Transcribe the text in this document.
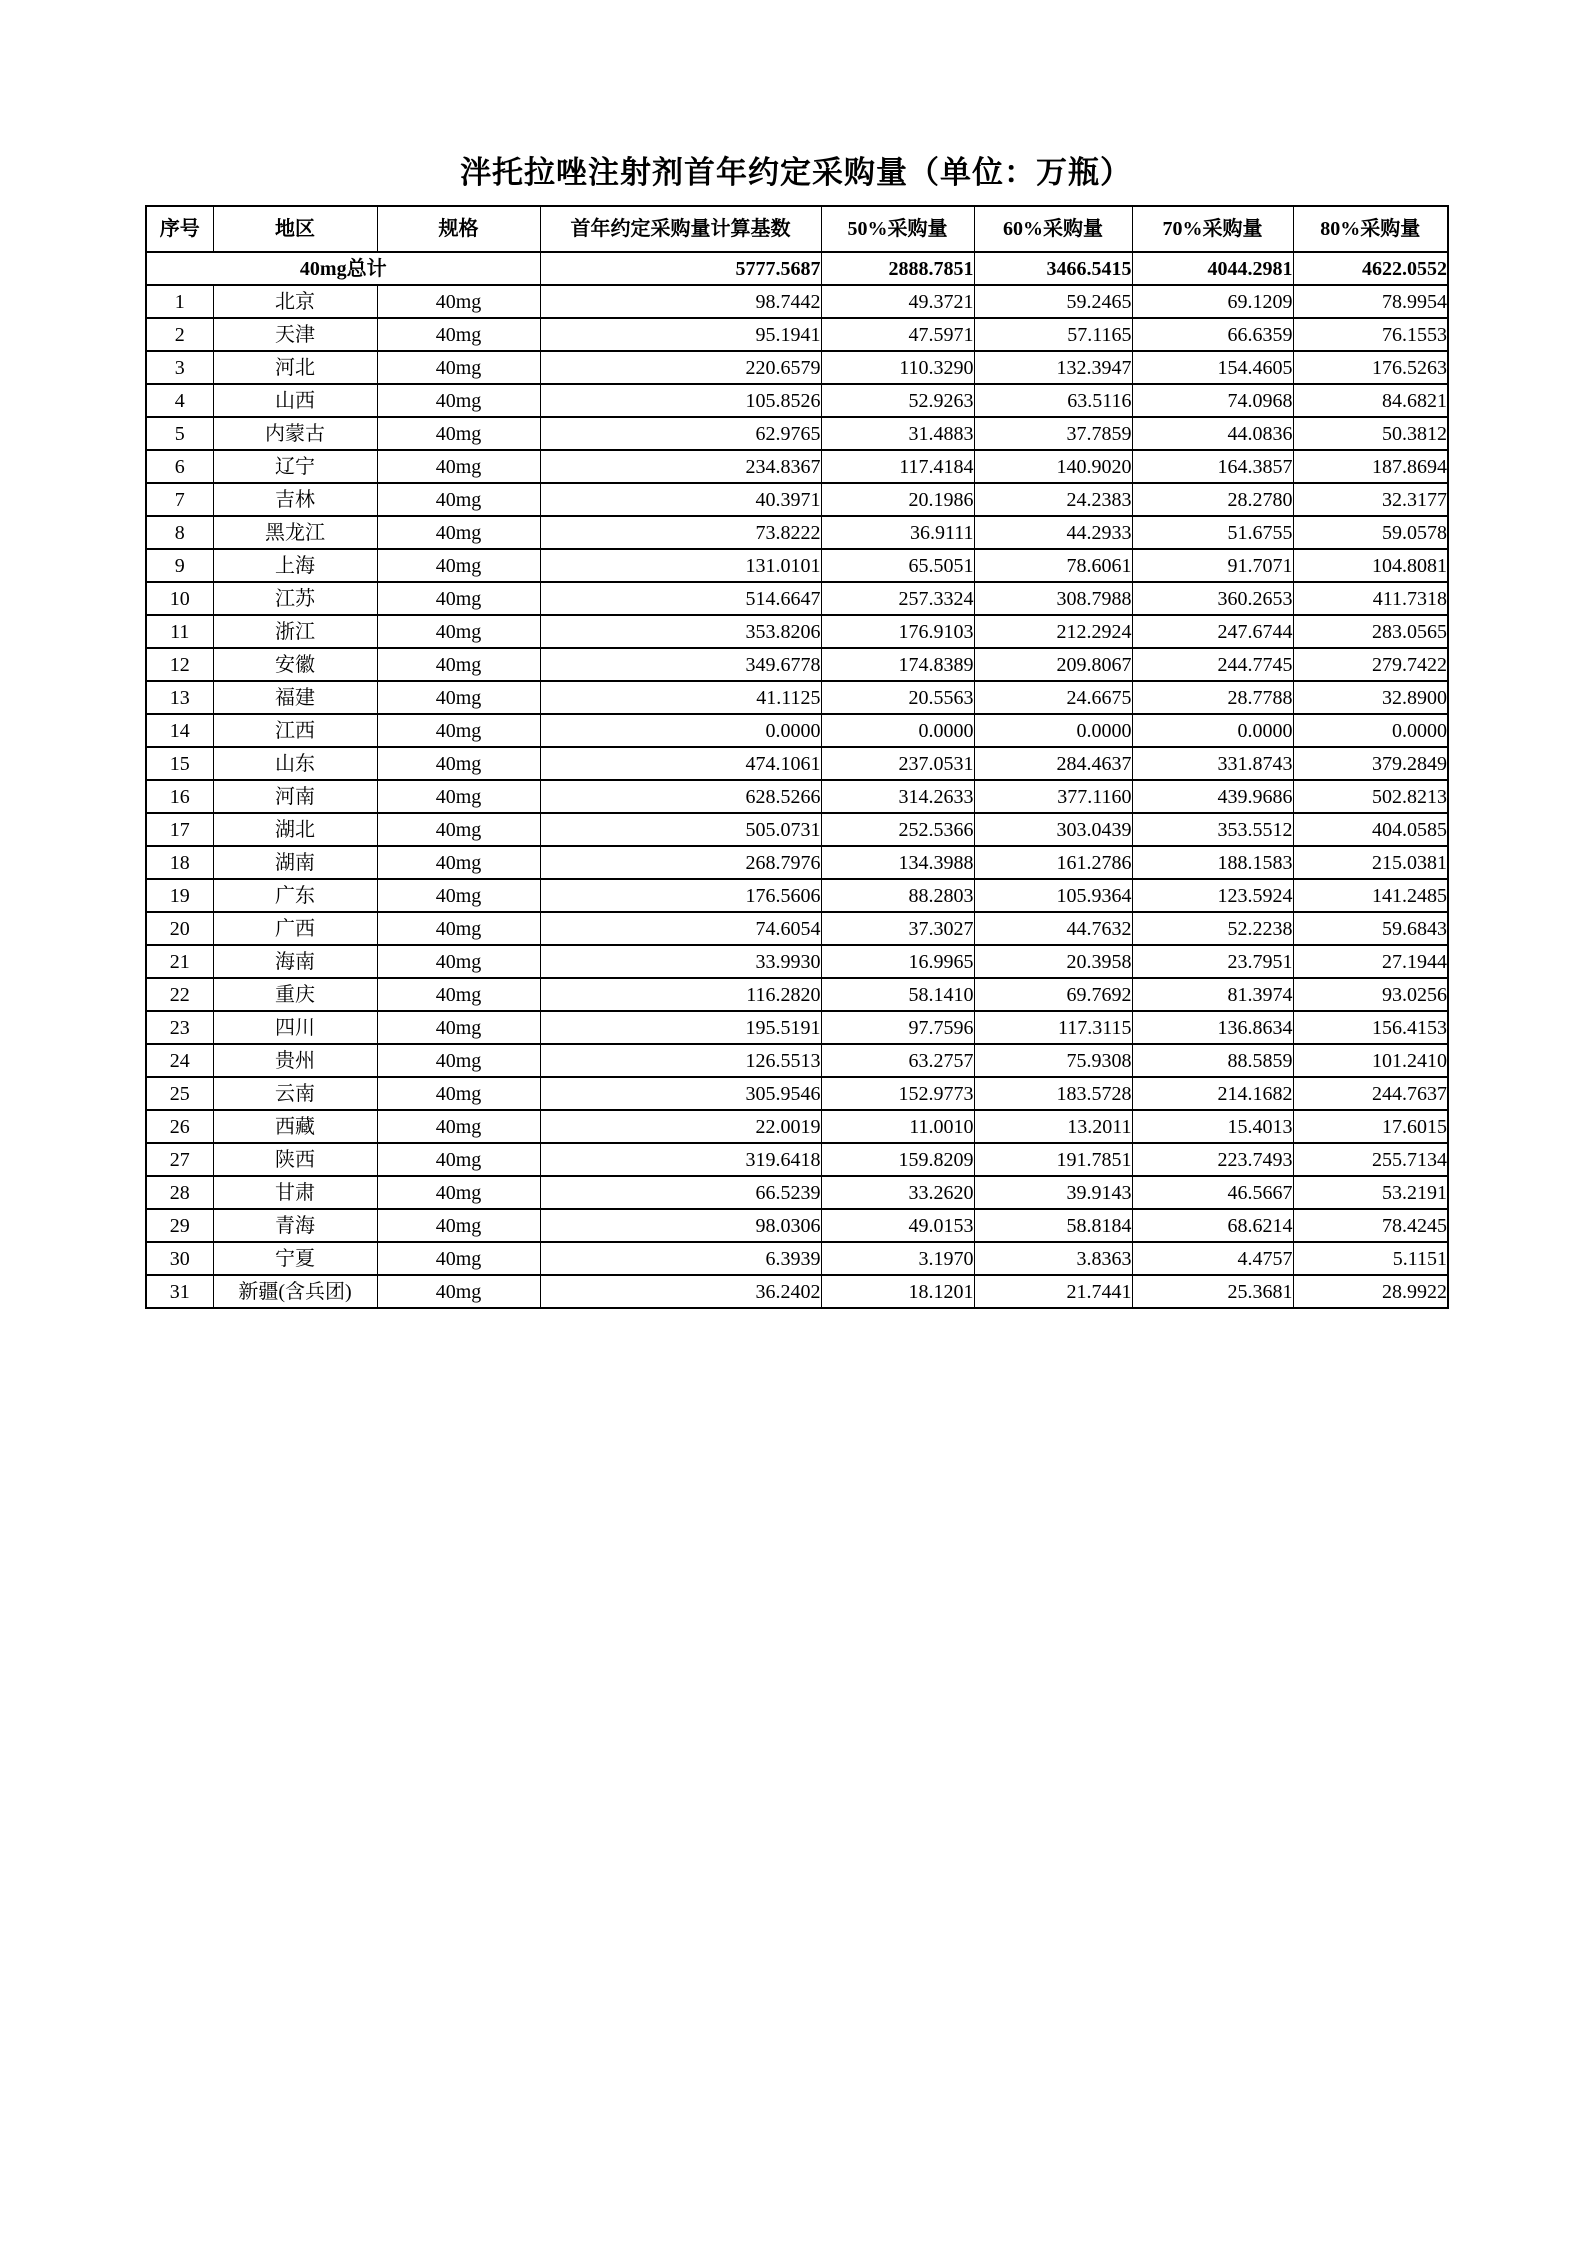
泮托拉唑注射剂首年约定采购量（单位：万瓶）
序号	地区	规格	首年约定采购量计算基数	50%采购量	60%采购量	70%采购量	80%采购量
40mg总计			5777.5687	2888.7851	3466.5415	4044.2981	4622.0552
1	北京	40mg	98.7442	49.3721	59.2465	69.1209	78.9954
2	天津	40mg	95.1941	47.5971	57.1165	66.6359	76.1553
3	河北	40mg	220.6579	110.3290	132.3947	154.4605	176.5263
4	山西	40mg	105.8526	52.9263	63.5116	74.0968	84.6821
5	内蒙古	40mg	62.9765	31.4883	37.7859	44.0836	50.3812
6	辽宁	40mg	234.8367	117.4184	140.9020	164.3857	187.8694
7	吉林	40mg	40.3971	20.1986	24.2383	28.2780	32.3177
8	黑龙江	40mg	73.8222	36.9111	44.2933	51.6755	59.0578
9	上海	40mg	131.0101	65.5051	78.6061	91.7071	104.8081
10	江苏	40mg	514.6647	257.3324	308.7988	360.2653	411.7318
11	浙江	40mg	353.8206	176.9103	212.2924	247.6744	283.0565
12	安徽	40mg	349.6778	174.8389	209.8067	244.7745	279.7422
13	福建	40mg	41.1125	20.5563	24.6675	28.7788	32.8900
14	江西	40mg	0.0000	0.0000	0.0000	0.0000	0.0000
15	山东	40mg	474.1061	237.0531	284.4637	331.8743	379.2849
16	河南	40mg	628.5266	314.2633	377.1160	439.9686	502.8213
17	湖北	40mg	505.0731	252.5366	303.0439	353.5512	404.0585
18	湖南	40mg	268.7976	134.3988	161.2786	188.1583	215.0381
19	广东	40mg	176.5606	88.2803	105.9364	123.5924	141.2485
20	广西	40mg	74.6054	37.3027	44.7632	52.2238	59.6843
21	海南	40mg	33.9930	16.9965	20.3958	23.7951	27.1944
22	重庆	40mg	116.2820	58.1410	69.7692	81.3974	93.0256
23	四川	40mg	195.5191	97.7596	117.3115	136.8634	156.4153
24	贵州	40mg	126.5513	63.2757	75.9308	88.5859	101.2410
25	云南	40mg	305.9546	152.9773	183.5728	214.1682	244.7637
26	西藏	40mg	22.0019	11.0010	13.2011	15.4013	17.6015
27	陕西	40mg	319.6418	159.8209	191.7851	223.7493	255.7134
28	甘肃	40mg	66.5239	33.2620	39.9143	46.5667	53.2191
29	青海	40mg	98.0306	49.0153	58.8184	68.6214	78.4245
30	宁夏	40mg	6.3939	3.1970	3.8363	4.4757	5.1151
31	新疆(含兵团)	40mg	36.2402	18.1201	21.7441	25.3681	28.9922
